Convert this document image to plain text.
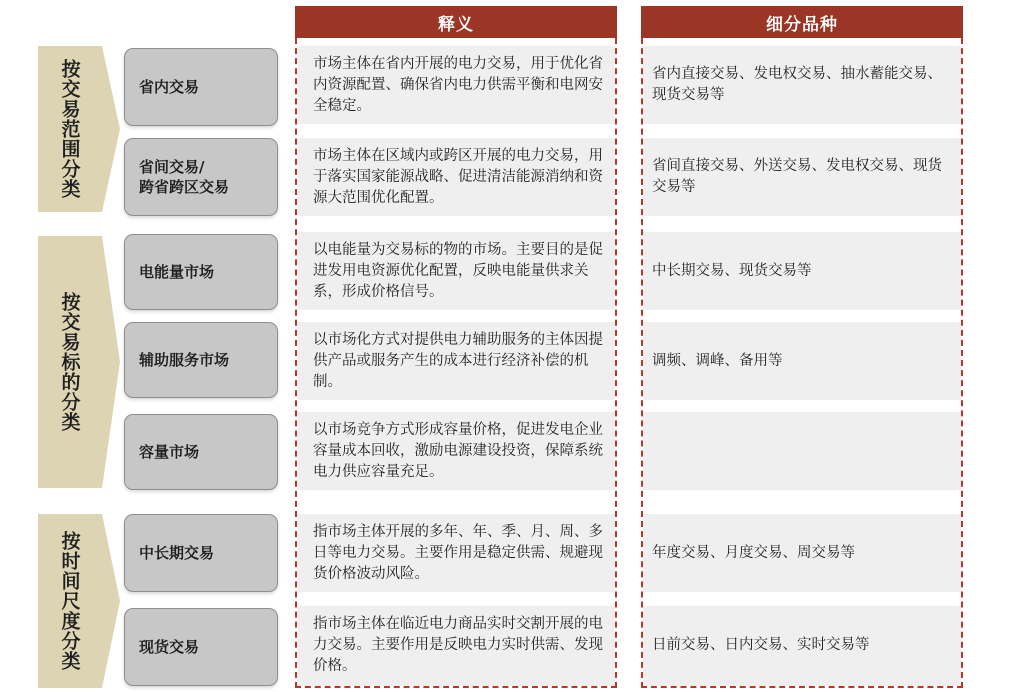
释义	细分品种
按交易范围分类
按交易标的分类
按时间尺度分类
省内交易
省间交易/
跨省跨区交易
电能量市场
辅助服务市场
容量市场
中长期交易
现货交易
市场主体在省内开展的电力交易，用于优化省内资源配置、确保省内电力供需平衡和电网安全稳定。
市场主体在区域内或跨区开展的电力交易，用于落实国家能源战略、促进清洁能源消纳和资源大范围优化配置。
以电能量为交易标的物的市场。主要目的是促进发用电资源优化配置，反映电能量供求关系，形成价格信号。
以市场化方式对提供电力辅助服务的主体因提供产品或服务产生的成本进行经济补偿的机制。
以市场竞争方式形成容量价格，促进发电企业容量成本回收，激励电源建设投资，保障系统电力供应容量充足。
指市场主体开展的多年、年、季、月、周、多日等电力交易。主要作用是稳定供需、规避现货价格波动风险。
指市场主体在临近电力商品实时交割开展的电力交易。主要作用是反映电力实时供需、发现价格。
省内直接交易、发电权交易、抽水蓄能交易、现货交易等
省间直接交易、外送交易、发电权交易、现货交易等
中长期交易、现货交易等
调频、调峰、备用等
年度交易、月度交易、周交易等
日前交易、日内交易、实时交易等
